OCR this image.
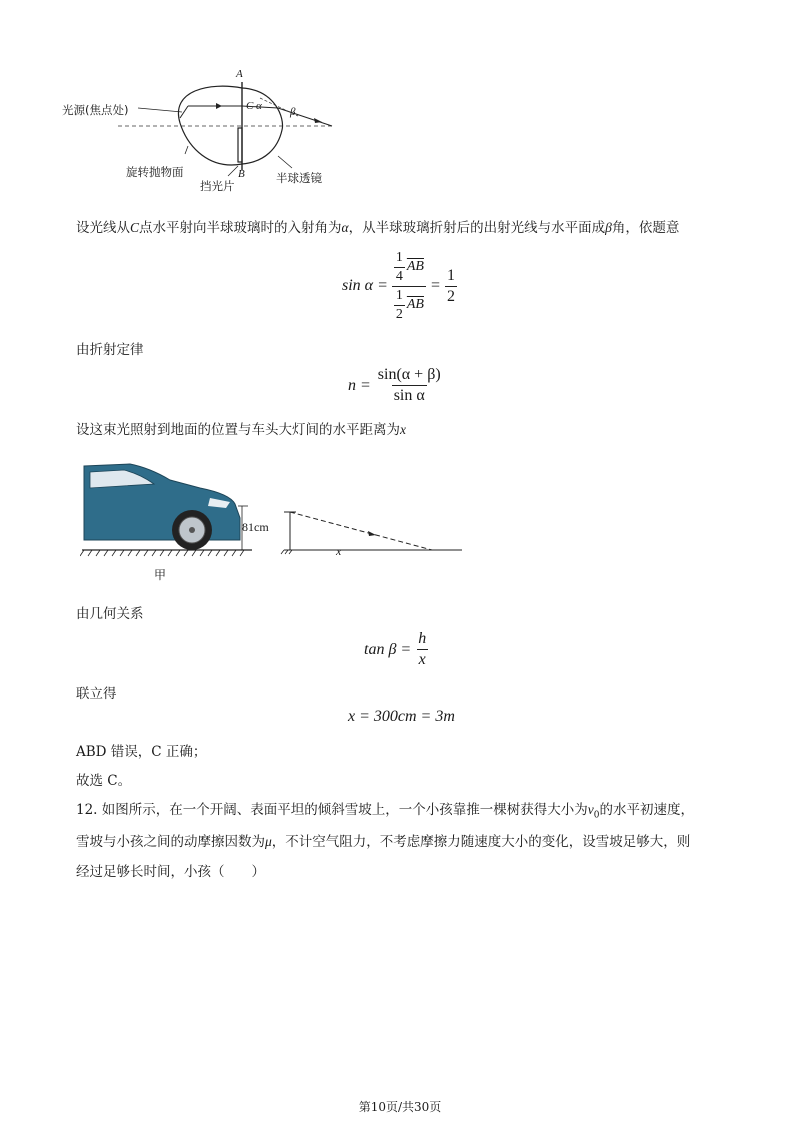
光源(焦点处)
A
B
C α	β
旋转抛物面
挡光片
半球透镜
设光线从C点水平射向半球玻璃时的入射角为α，从半球玻璃折射后的出射光线与水平面成β角，依题意
$\sin \alpha = \frac{\frac{1}{4} \overline{AB}}{\frac{1}{2} \overline{AB}} = \frac{1}{2}$
由折射定律
$n = \frac{\sin(\alpha + \beta)}{\text{sin α}}$
设这束光照射到地面的位置与车头大灯间的水平距离为x
81cm
x
甲
由几何关系
$\tan \beta = \frac{h}{x}$
联立得
x = 300cm = 3m
ABD 错误，C 正确；
故选 C。
12. 如图所示，在一个开阔、表面平坦的倾斜雪坡上，一个小孩靠推一棵树获得大小为$v_0$的水平初速度，
雪坡与小孩之间的动摩擦因数为μ，不计空气阻力，不考虑摩擦力随速度大小的变化，设雪坡足够大，则
经过足够长时间，小孩（　　）
第10页/共30页
